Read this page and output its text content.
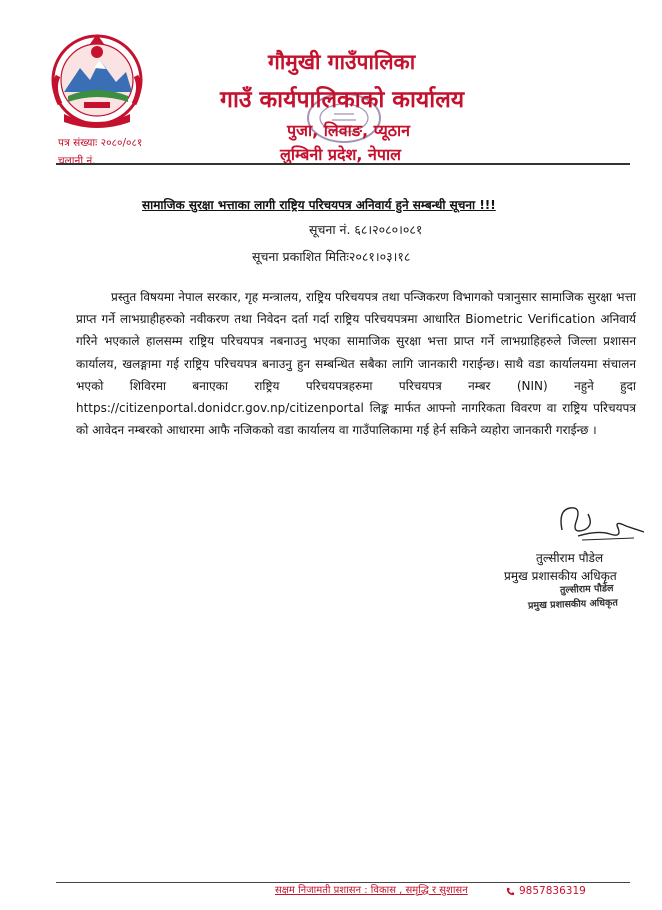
गौमुखी गाउँपालिका
गाउँ कार्यपालिकाको कार्यालय
पुजा, लिवाङ, प्यूठान
लुम्बिनी प्रदेश, नेपाल
पत्र संख्याः २०८०/०८१
चलानी नं.
सामाजिक सुरक्षा भत्ताका लागी राष्ट्रिय परिचयपत्र अनिवार्य हुने सम्बन्धी सूचना !!!
सूचना नं. ६८।२०८०।०८१
सूचना प्रकाशित मितिः२०८१।०३।१८
प्रस्तुत विषयमा नेपाल सरकार, गृह मन्त्रालय, राष्ट्रिय परिचयपत्र तथा पन्जिकरण विभागको पत्रानुसार सामाजिक सुरक्षा भत्ता प्राप्त गर्ने लाभग्राहीहरुको नवीकरण तथा निवेदन दर्ता गर्दा राष्ट्रिय परिचयपत्रमा आधारित Biometric Verification अनिवार्य गरिने भएकाले हालसम्म राष्ट्रिय परिचयपत्र नबनाउनु भएका सामाजिक सुरक्षा भत्ता प्राप्त गर्ने लाभग्राहिहरुले जिल्ला प्रशासन कार्यालय, खलङ्गामा गई राष्ट्रिय परिचयपत्र बनाउनु हुन सम्बन्धित सबैका लागि जानकारी गराईन्छ। साथै वडा कार्यालयमा संचालन भएको शिविरमा बनाएका राष्ट्रिय परिचयपत्रहरुमा परिचयपत्र नम्बर (NIN) नहुने हुदा https://citizenportal.donidcr.gov.np/citizenportal लिङ्क मार्फत आफ्नो नागरिकता विवरण वा राष्ट्रिय परिचयपत्र को आवेदन नम्बरको आधारमा आफै नजिकको वडा कार्यालय वा गाउँपालिकामा गई हेर्न सकिने व्यहोरा जानकारी गराईन्छ ।
तुल्सीराम पौडेल
प्रमुख प्रशासकीय अधिकृत
तुल्सीराम पौडेल
प्रमुख प्रशासकीय अधिकृत
सक्षम निजामती प्रशासन : विकास , समृद्धि र सुशासन	9857836319
